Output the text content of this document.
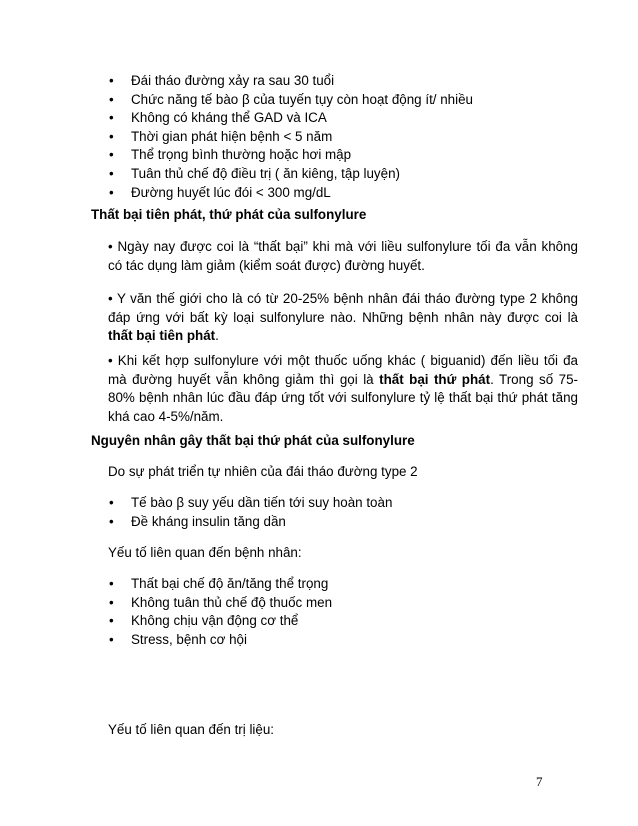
• Đái tháo đường xảy ra sau 30 tuổi
• Chức năng tế bào β của tuyến tụy còn hoạt động ít/ nhiều
• Không có kháng thể GAD và ICA
• Thời gian phát hiện bệnh < 5 năm
• Thể trọng bình thường hoặc hơi mập
• Tuân thủ chế độ điều trị ( ăn kiêng, tập luyện)
• Đường huyết lúc đói < 300 mg/dL
Thất bại tiên phát, thứ phát của sulfonylure
• Ngày nay được coi là “thất bại” khi mà với liều sulfonylure tối đa vẫn không có tác dụng làm giảm (kiểm soát được) đường huyết.
• Y văn thế giới cho là có từ 20-25% bệnh nhân đái tháo đường type 2 không đáp ứng với bất kỳ loại sulfonylure nào. Những bệnh nhân này được coi là thất bại tiên phát.
• Khi kết hợp sulfonylure với một thuốc uống khác ( biguanid) đến liều tối đa mà đường huyết vẫn không giảm thì gọi là thất bại thứ phát. Trong số 75-80% bệnh nhân lúc đầu đáp ứng tốt với sulfonylure tỷ lệ thất bại thứ phát tăng khá cao 4-5%/năm.
Nguyên nhân gây thất bại thứ phát của sulfonylure
Do sự phát triển tự nhiên của đái tháo đường type 2
• Tế bào β suy yếu dần tiến tới suy hoàn toàn
• Đề kháng insulin tăng dần
Yếu tố liên quan đến bệnh nhân:
• Thất bại chế độ ăn/tăng thể trọng
• Không tuân thủ chế độ thuốc men
• Không chịu vận động cơ thể
• Stress, bệnh cơ hội
Yếu tố liên quan đến trị liệu:
7
